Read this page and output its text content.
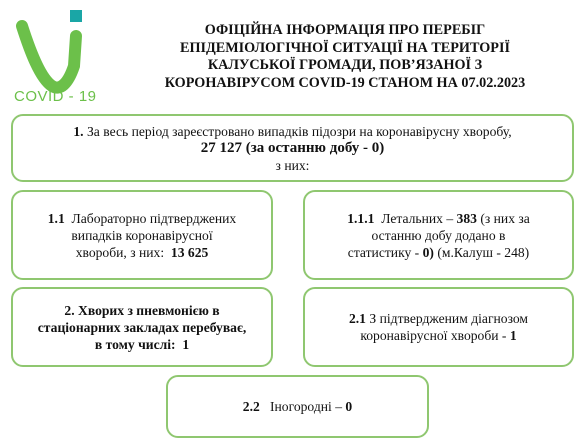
COVID - 19
ОФІЦІЙНА ІНФОРМАЦІЯ ПРО ПЕРЕБІГ
ЕПІДЕМІОЛОГІЧНОЇ СИТУАЦІЇ НА ТЕРИТОРІЇ
КАЛУСЬКОЇ ГРОМАДИ, ПОВ’ЯЗАНОЇ З
КОРОНАВІРУСОМ COVID-19 СТАНОМ НА 07.02.2023
1. За весь період зареєстровано випадків підозри на коронавірусну хворобу,
27 127 (за останню добу - 0)
з них:
1.1 Лабораторно підтверджених
випадків коронавірусної
хвороби, з них: 13 625
1.1.1 Летальних – 383 (з них за
останню добу додано в
статистику - 0) (м.Калуш - 248)
2. Хворих з пневмонією в
стаціонарних закладах перебуває,
в тому числі: 1
2.1 З підтвердженим діагнозом
коронавірусної хвороби - 1
2.2 Іногородні – 0
